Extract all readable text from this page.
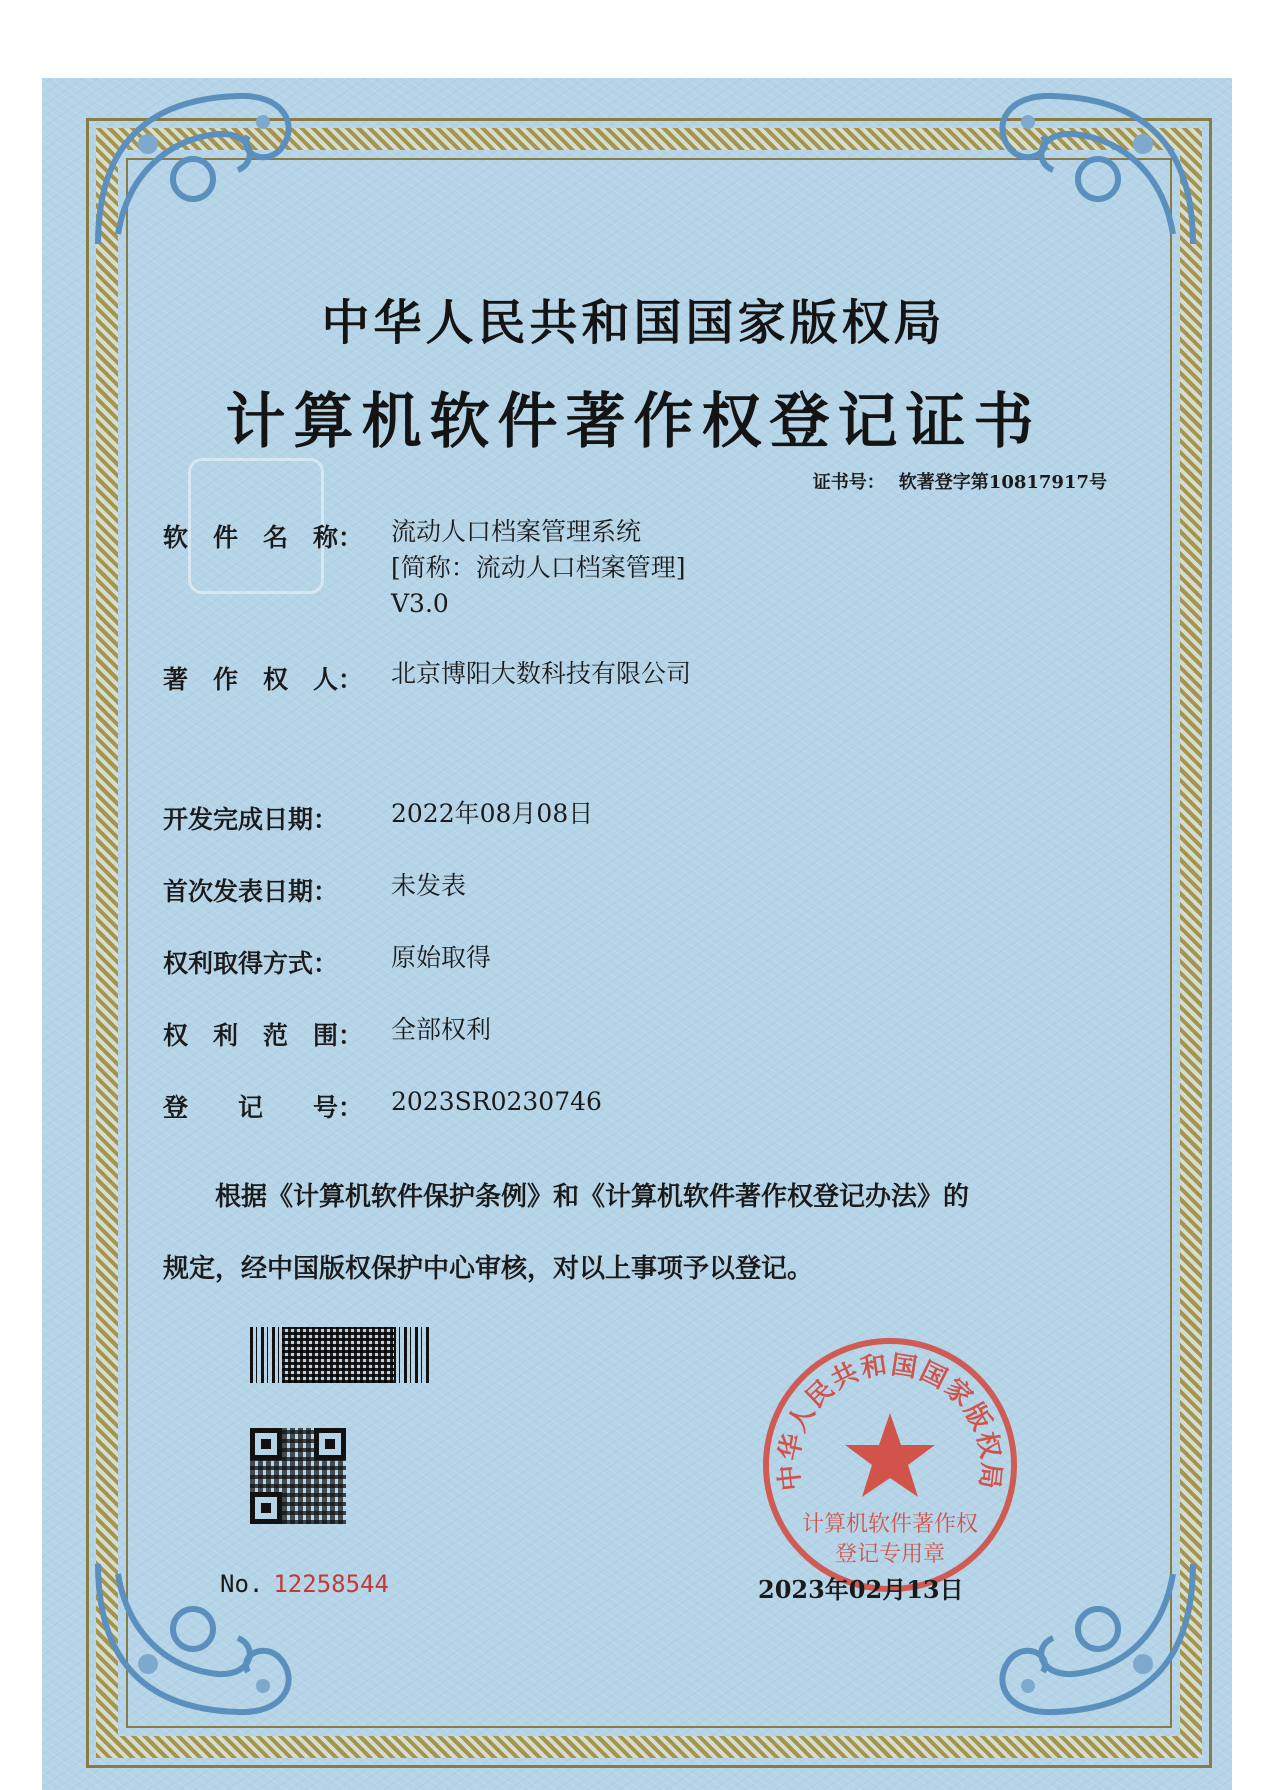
中华人民共和国国家版权局
计算机软件著作权登记证书
证书号： 软著登字第10817917号
软 件 名 称： 流动人口档案管理系统
[简称：流动人口档案管理]
V3.0
著 作 权 人： 北京博阳大数科技有限公司
开发完成日期：	2022年08月08日
首次发表日期：	未发表
权利取得方式：	原始取得
权 利 范 围： 全部权利
登 记 号： 2023SR0230746
根据《计算机软件保护条例》和《计算机软件著作权登记办法》的
规定，经中国版权保护中心审核，对以上事项予以登记。
中华人民共和国国家版权局
计算机软件著作权
登记专用章
No. 12258544	2023年02月13日
